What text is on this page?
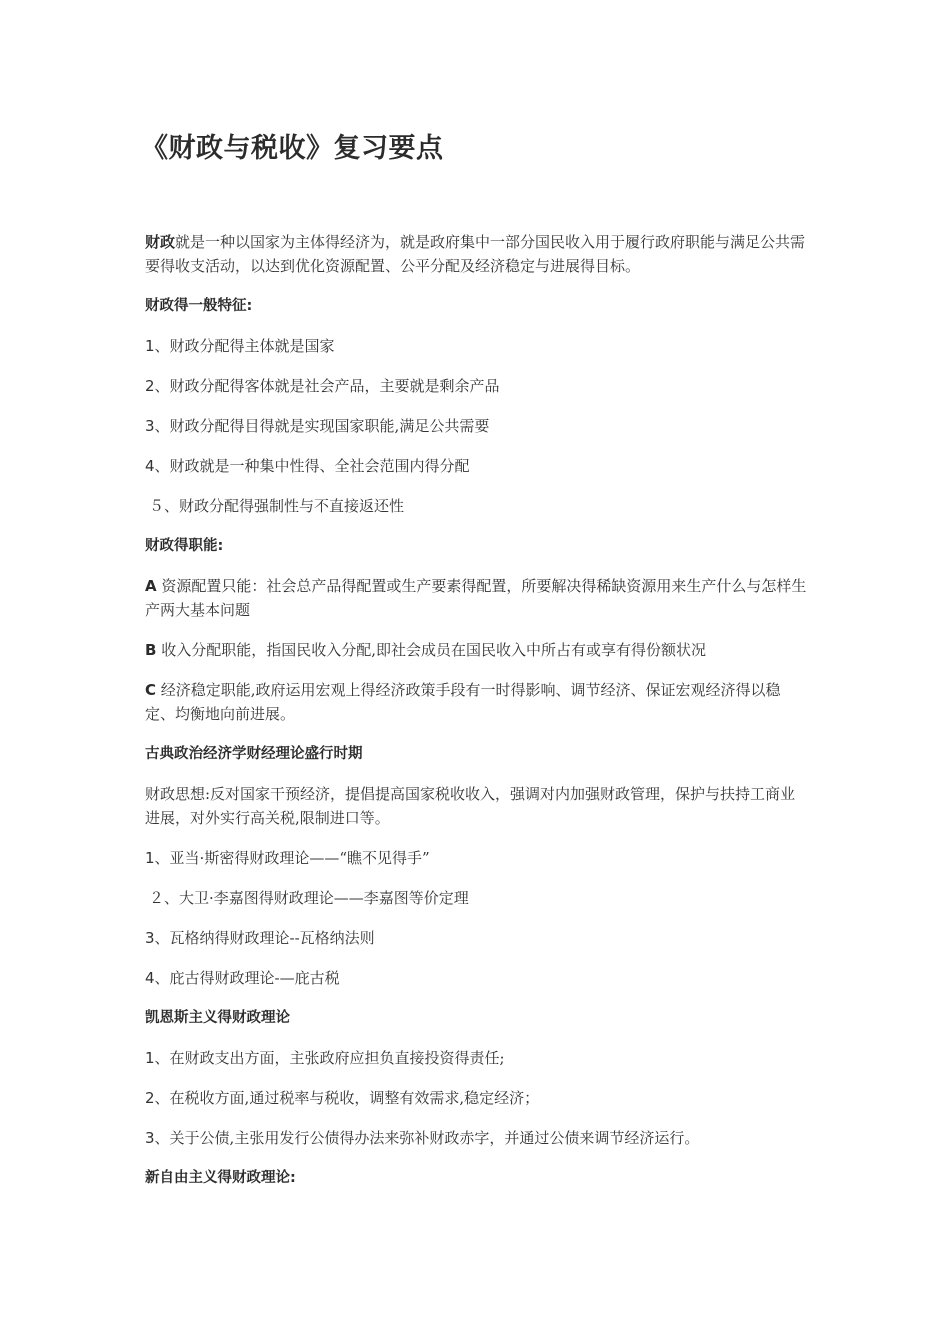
《财政与税收》复习要点

财政就是一种以国家为主体得经济为，就是政府集中一部分国民收入用于履行政府职能与满足公共需要得收支活动，以达到优化资源配置、公平分配及经济稳定与进展得目标。

财政得一般特征:

1、财政分配得主体就是国家

2、财政分配得客体就是社会产品，主要就是剩余产品

3、财政分配得目得就是实现国家职能,满足公共需要

4、财政就是一种集中性得、全社会范围内得分配

５、财政分配得强制性与不直接返还性

财政得职能:

A 资源配置只能：社会总产品得配置或生产要素得配置，所要解决得稀缺资源用来生产什么与怎样生产两大基本问题

B 收入分配职能，指国民收入分配,即社会成员在国民收入中所占有或享有得份额状况

C 经济稳定职能,政府运用宏观上得经济政策手段有一时得影响、调节经济、保证宏观经济得以稳定、均衡地向前进展。

古典政治经济学财经理论盛行时期

财政思想:反对国家干预经济，提倡提高国家税收收入，强调对内加强财政管理，保护与扶持工商业进展，对外实行高关税,限制进口等。

1、亚当·斯密得财政理论——“瞧不见得手”

２、大卫·李嘉图得财政理论——李嘉图等价定理

3、瓦格纳得财政理论--瓦格纳法则

4、庇古得财政理论-—庇古税

凯恩斯主义得财政理论

1、在财政支出方面，主张政府应担负直接投资得责任;

2、在税收方面,通过税率与税收，调整有效需求,稳定经济；

3、关于公债,主张用发行公债得办法来弥补财政赤字，并通过公债来调节经济运行。

新自由主义得财政理论:
